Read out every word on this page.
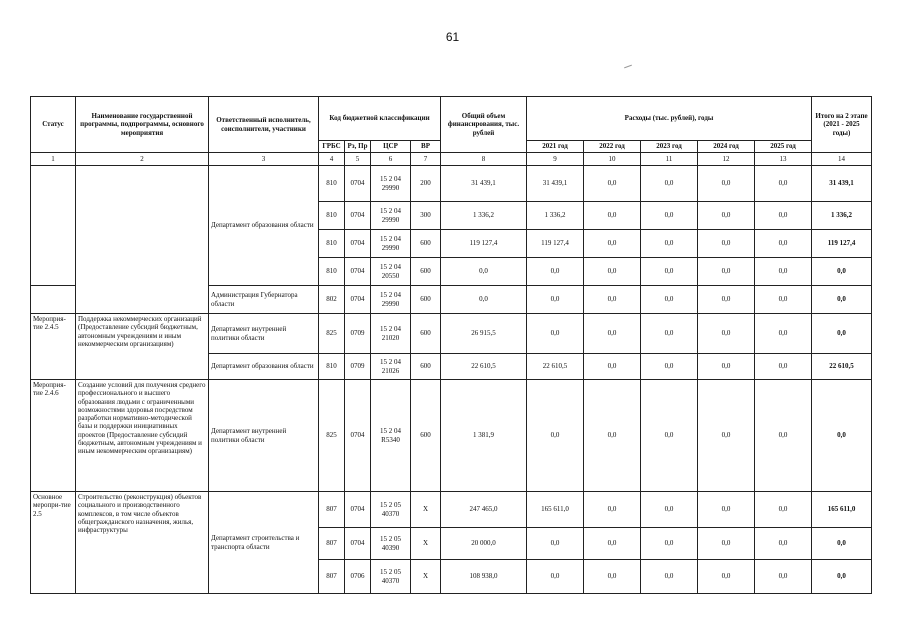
61
Статус	Наименование государственной программы, подпрограммы, основного мероприятия	Ответственный исполнитель, соисполнители, участники	Код бюджетной классификации				Общий объем финансирования, тыс. рублей	Расходы (тыс. рублей), годы					Итого на 2 этапе (2021 - 2025 годы)
			ГРБС	Рз, Пр	ЦСР	ВР		2021 год	2022 год	2023 год	2024 год	2025 год	
1	2	3	4	5	6	7	8	9	10	11	12	13	14
		Департамент образования области	810	0704	15 2 04 29990	200	31 439,1	31 439,1	0,0	0,0	0,0	0,0	31 439,1
			810	0704	15 2 04 29990	300	1 336,2	1 336,2	0,0	0,0	0,0	0,0	1 336,2
			810	0704	15 2 04 29990	600	119 127,4	119 127,4	0,0	0,0	0,0	0,0	119 127,4
			810	0704	15 2 04 20550	600	0,0	0,0	0,0	0,0	0,0	0,0	0,0
		Администрация Губернатора области	802	0704	15 2 04 29990	600	0,0	0,0	0,0	0,0	0,0	0,0	0,0
Мероприя-тие 2.4.5	Поддержка некоммерческих организаций (Предоставление субсидий бюджетным, автономным учреждениям и иным некоммерческим организациям)	Департамент внутренней политики области	825	0709	15 2 04 21020	600	26 915,5	0,0	0,0	0,0	0,0	0,0	0,0
		Департамент образования области	810	0709	15 2 04 21026	600	22 610,5	22 610,5	0,0	0,0	0,0	0,0	22 610,5
Мероприя-тие 2.4.6	Создание условий для получения среднего профессионального и высшего образования людьми с ограниченными возможностями здоровья посредством разработки нормативно-методической базы и поддержки инициативных проектов (Предоставление субсидий бюджетным, автономным учреждениям и иным некоммерческим организациям)	Департамент внутренней политики области	825	0704	15 2 04 R5340	600	1 381,9	0,0	0,0	0,0	0,0	0,0	0,0
Основное меропри-тие 2.5	Строительство (реконструкция) объектов социального и производственного комплексов, в том числе объектов общегражданского назначения, жилья, инфраструктуры	Департамент строительства и транспорта области	807	0704	15 2 05 40370	Х	247 465,0	165 611,0	0,0	0,0	0,0	0,0	165 611,0
			807	0704	15 2 05 40390	Х	20 000,0	0,0	0,0	0,0	0,0	0,0	0,0
			807	0706	15 2 05 40370	Х	108 938,0	0,0	0,0	0,0	0,0	0,0	0,0
